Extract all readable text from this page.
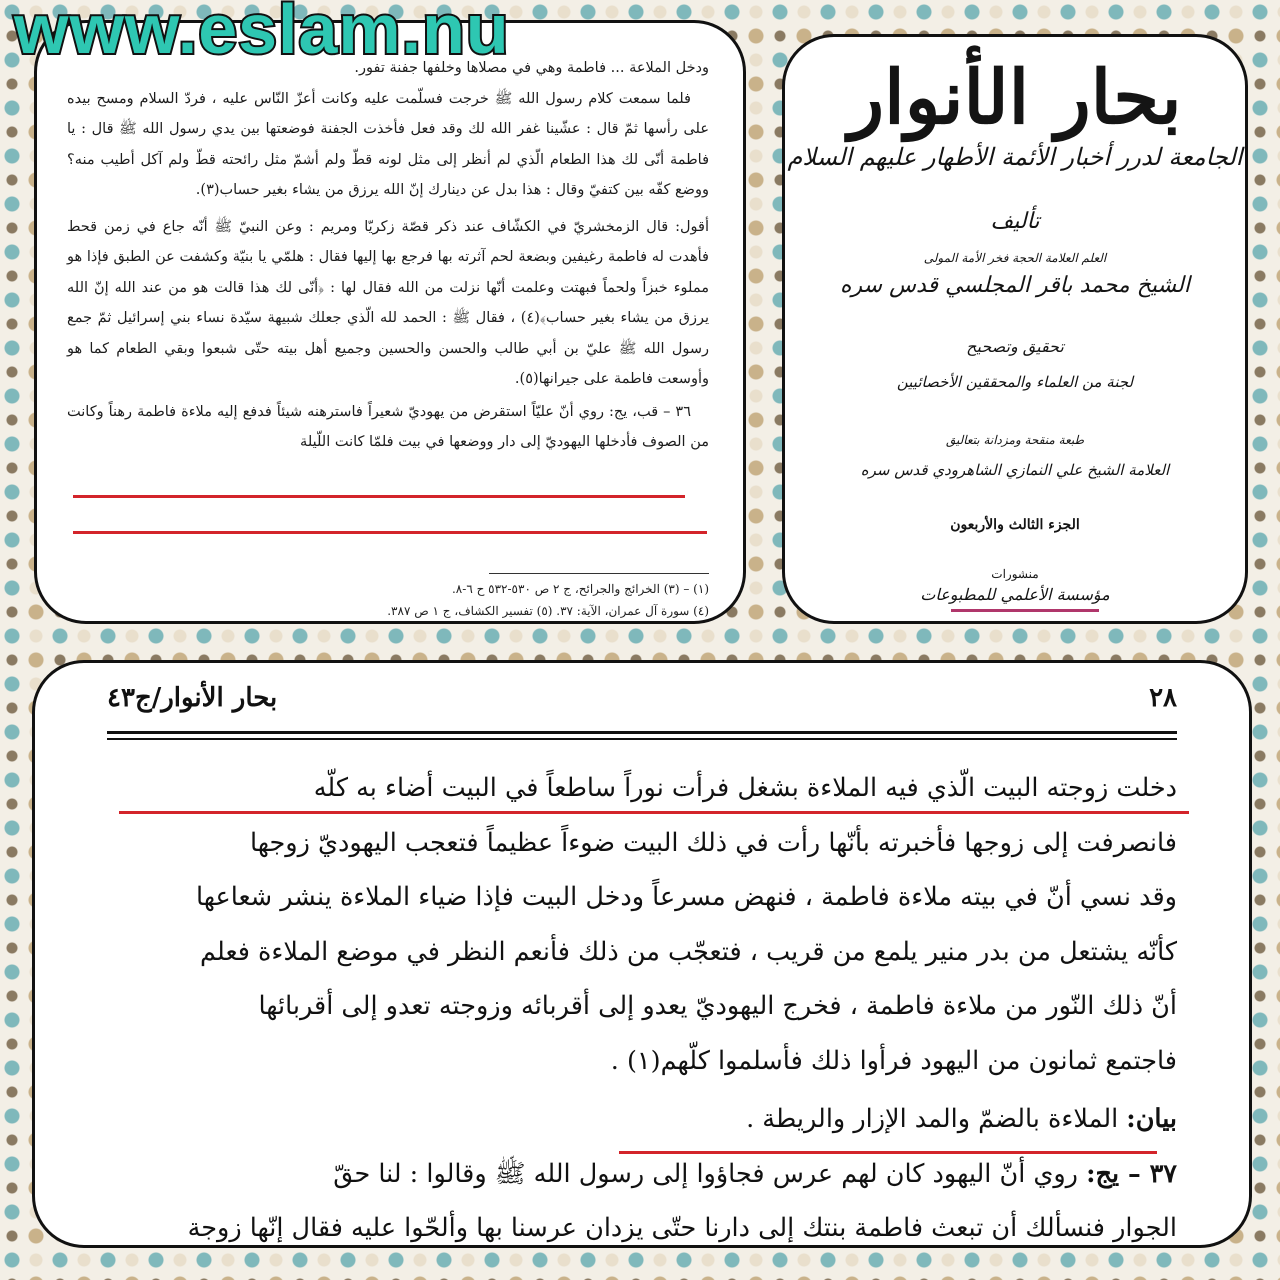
ودخل الملاعة ... فاطمة وهي في مصلاها وخلفها جفنة تفور.

فلما سمعت كلام رسول الله ﷺ خرجت فسلّمت عليه وكانت أعزّ النّاس عليه ، فردّ السلام ومسح بيده على رأسها ثمّ قال : عشّينا غفر الله لك وقد فعل فأخذت الجفنة فوضعتها بين يدي رسول الله ﷺ قال : يا فاطمة أنّى لك هذا الطعام الّذي لم أنظر إلى مثل لونه قطّ ولم أشمّ مثل رائحته قطّ ولم آكل أطيب منه؟ ووضع كفّه بين كتفيّ وقال : هذا بدل عن دينارك إنّ الله يرزق من يشاء بغير حساب(٣).

أقول: قال الزمخشريّ في الكشّاف عند ذكر قصّة زكريّا ومريم : وعن النبيّ ﷺ أنّه جاع في زمن قحط فأهدت له فاطمة رغيفين وبضعة لحم آثرته بها فرجع بها إليها فقال : هلمّي يا بنيّة وكشفت عن الطبق فإذا هو مملوء خبزاً ولحماً فبهتت وعلمت أنّها نزلت من الله فقال لها : ﴿أنّى لك هذا قالت هو من عند الله إنّ الله يرزق من يشاء بغير حساب﴾(٤) ، فقال ﷺ : الحمد لله الّذي جعلك شبيهة سيّدة نساء بني إسرائيل ثمّ جمع رسول الله ﷺ عليّ بن أبي طالب والحسن والحسين وجميع أهل بيته حتّى شبعوا وبقي الطعام كما هو وأوسعت فاطمة على جيرانها(٥).

٣٦ – قب، يج: روي أنّ عليّاً استقرض من يهوديّ شعيراً فاسترهنه شيئاً فدفع إليه ملاءة فاطمة رهناً وكانت من الصوف فأدخلها اليهوديّ إلى دار ووضعها في بيت فلمّا كانت اللّيلة

(١) – (٣) الخرائج والجرائح، ج ٢ ص ٥٣٠-٥٣٢ ح ٦-٨.
(٤) سورة آل عمران، الآية: ٣٧. (٥) تفسير الكشاف، ج ١ ص ٣٨٧.
بحار الأنوار
الجامعة لدرر أخبار الأئمة الأطهار عليهم السلام
تأليف
العلم العلامة الحجة فخر الأمة المولى
الشيخ محمد باقر المجلسي قدس سره
تحقيق وتصحيح
لجنة من العلماء والمحققين الأخصائيين
طبعة منقحة ومزدانة بتعاليق
العلامة الشيخ علي النمازي الشاهرودي قدس سره
الجزء الثالث والأربعون
منشورات
مؤسسة الأعلمي للمطبوعات
٢٨
بحار الأنوار/ج٤٣

دخلت زوجته البيت الّذي فيه الملاءة بشغل فرأت نوراً ساطعاً في البيت أضاء به كلّه

فانصرفت إلى زوجها فأخبرته بأنّها رأت في ذلك البيت ضوءاً عظيماً فتعجب اليهوديّ زوجها

وقد نسي أنّ في بيته ملاءة فاطمة ، فنهض مسرعاً ودخل البيت فإذا ضياء الملاءة ينشر شعاعها

كأنّه يشتعل من بدر منير يلمع من قريب ، فتعجّب من ذلك فأنعم النظر في موضع الملاءة فعلم

أنّ ذلك النّور من ملاءة فاطمة ، فخرج اليهوديّ يعدو إلى أقربائه وزوجته تعدو إلى أقربائها

فاجتمع ثمانون من اليهود فرأوا ذلك فأسلموا كلّهم(١) .

بيان: الملاءة بالضمّ والمد الإزار والريطة .

٣٧ – يج: روي أنّ اليهود كان لهم عرس فجاؤوا إلى رسول الله ﷺ وقالوا : لنا حقّ

الجوار فنسألك أن تبعث فاطمة بنتك إلى دارنا حتّى يزدان عرسنا بها وألحّوا عليه فقال إنّها زوجة

www.eslam.nu
